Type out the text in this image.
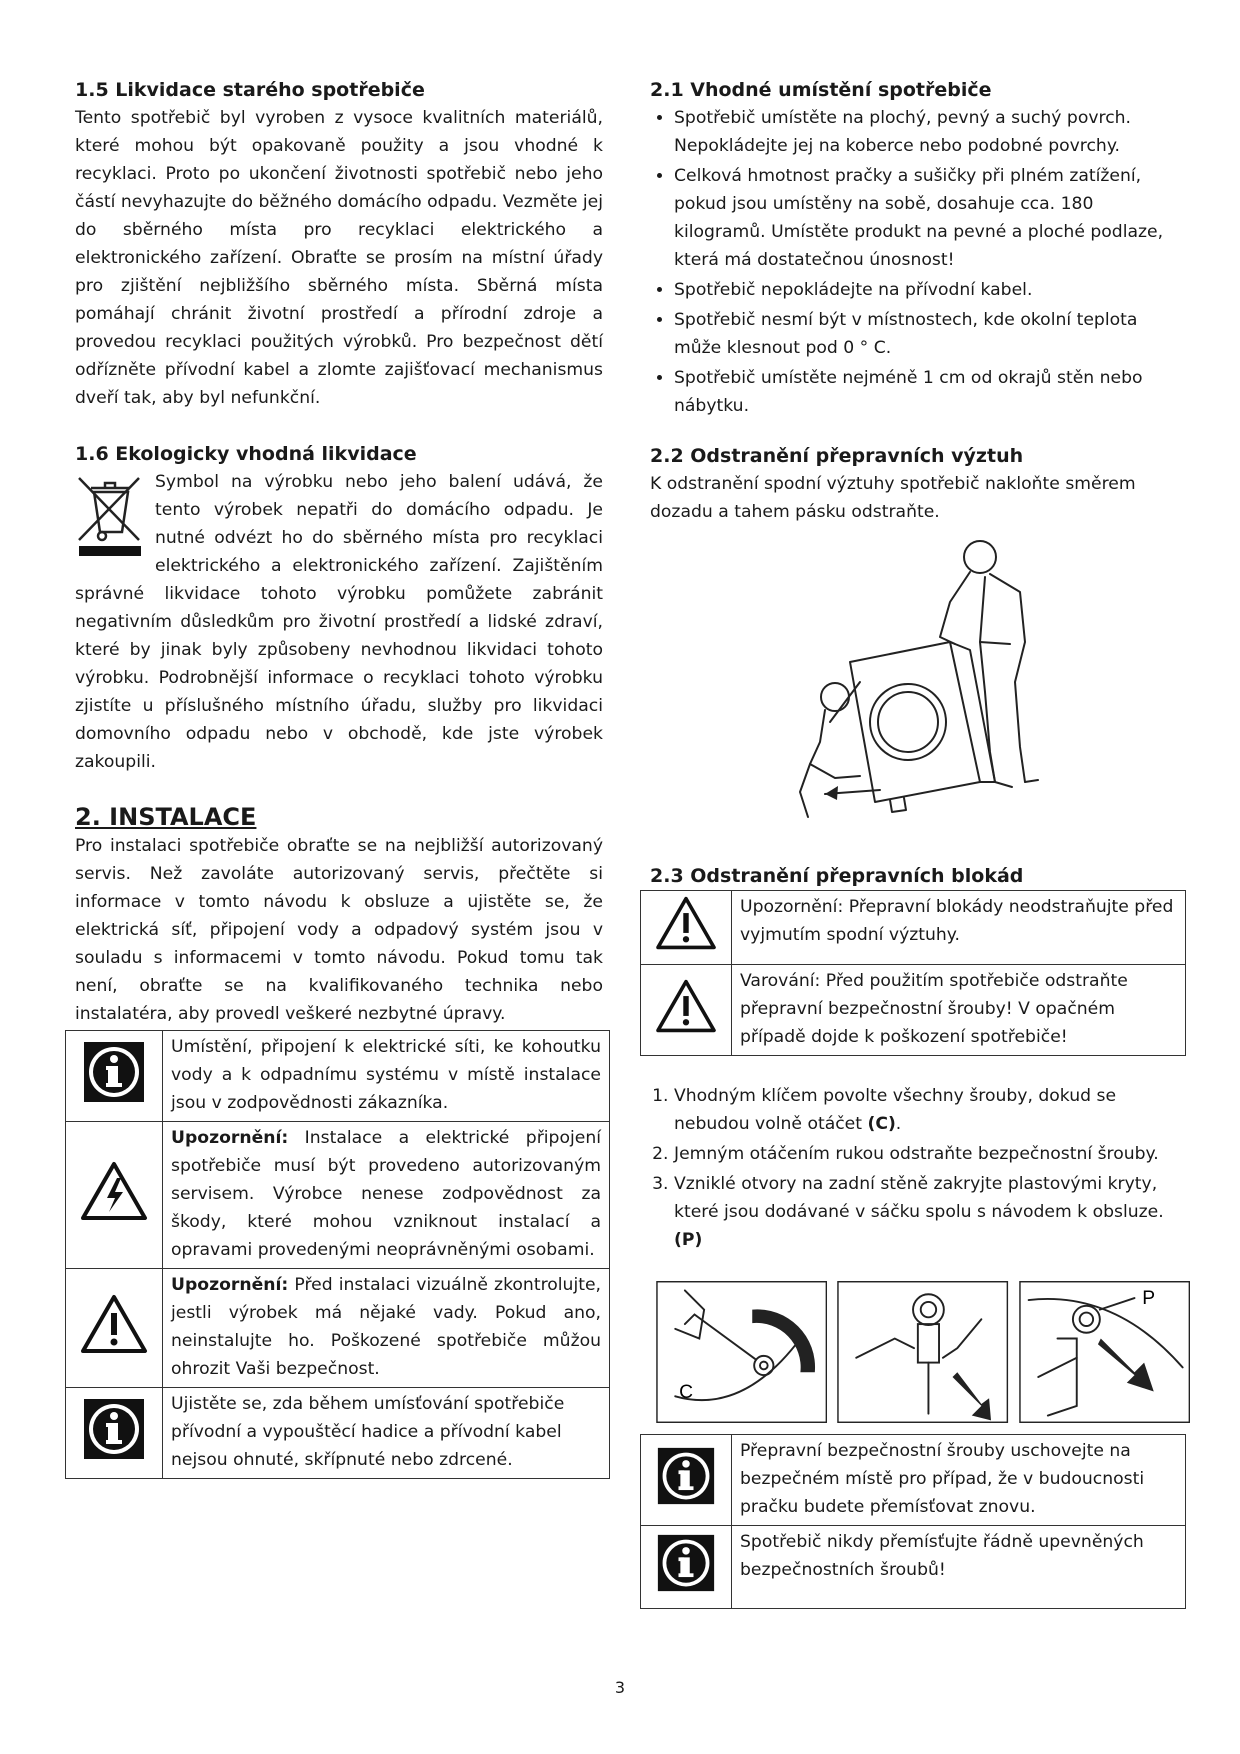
1.5 Likvidace starého spotřebiče

Tento spotřebič byl vyroben z vysoce kvalitních materiálů, které mohou být opakovaně použity a jsou vhodné k recyklaci. Proto po ukončení životnosti spotřebič nebo jeho částí nevyhazujte do běžného domácího odpadu. Vezměte jej do sběrného místa pro recyklaci elektrického a elektronického zařízení. Obraťte se prosím na místní úřady pro zjištění nejbližšího sběrného místa. Sběrná místa pomáhají chránit životní prostředí a přírodní zdroje a provedou recyklaci použitých výrobků. Pro bezpečnost dětí odřízněte přívodní kabel a zlomte zajišťovací mechanismus dveří tak, aby byl nefunkční.

1.6 Ekologicky vhodná likvidace

Symbol na výrobku nebo jeho balení udává, že tento výrobek nepatři do domácího odpadu. Je nutné odvézt ho do sběrného místa pro recyklaci elektrického a elektronického zařízení. Zajištěním správné likvidace tohoto výrobku pomůžete zabránit negativním důsledkům pro životní prostředí a lidské zdraví, které by jinak byly způsobeny nevhodnou likvidaci tohoto výrobku. Podrobnější informace o recyklaci tohoto výrobku zjistíte u příslušného místního úřadu, služby pro likvidaci domovního odpadu nebo v obchodě, kde jste výrobek zakoupili.

2. INSTALACE

Pro instalaci spotřebiče obraťte se na nejbližší autorizovaný servis. Než zavoláte autorizovaný servis, přečtěte si informace v tomto návodu k obsluze a ujistěte se, že elektrická síť, připojení vody a odpadový systém jsou v souladu s informacemi v tomto návodu. Pokud tomu tak není, obraťte se na kvalifikovaného technika nebo instalatéra, aby provedl veškeré nezbytné úpravy.

	Umístění, připojení k elektrické síti, ke kohoutku vody a k odpadnímu systému v místě instalace jsou v zodpovědnosti zákazníka.
	Upozornění: Instalace a elektrické připojení spotřebiče musí být provedeno autorizovaným servisem. Výrobce nenese zodpovědnost za škody, které mohou vzniknout instalací a opravami provedenými neoprávněnými osobami.
	Upozornění: Před instalaci vizuálně zkontrolujte, jestli výrobek má nějaké vady. Pokud ano, neinstalujte ho. Poškozené spotřebiče můžou ohrozit Vaši bezpečnost.
	Ujistěte se, zda během umísťování spotřebiče přívodní a vypouštěcí hadice a přívodní kabel nejsou ohnuté, skřípnuté nebo zdrcené.
2.1 Vhodné umístění spotřebiče
• Spotřebič umístěte na plochý, pevný a suchý povrch. Nepokládejte jej na koberce nebo podobné povrchy.
• Celková hmotnost pračky a sušičky při plném zatížení, pokud jsou umístěny na sobě, dosahuje cca. 180 kilogramů. Umístěte produkt na pevné a ploché podlaze, která má dostatečnou únosnost!
• Spotřebič nepokládejte na přívodní kabel.
• Spotřebič nesmí být v místnostech, kde okolní teplota může klesnout pod 0 ° C.
• Spotřebič umístěte nejméně 1 cm od okrajů stěn nebo nábytku.
2.2 Odstranění přepravních výztuh

K odstranění spodní výztuhy spotřebič nakloňte směrem dozadu a tahem pásku odstraňte.

2.3 Odstranění přepravních blokád
	Upozornění: Přepravní blokády neodstraňujte před vyjmutím spodní výztuhy.
	Varování: Před použitím spotřebiče odstraňte přepravní bezpečnostní šrouby! V opačném případě dojde k poškození spotřebiče!
1. Vhodným klíčem povolte všechny šrouby, dokud se nebudou volně otáčet (C).
2. Jemným otáčením rukou odstraňte bezpečnostní šrouby.
3. Vzniklé otvory na zadní stěně zakryjte plastovými kryty, které jsou dodávané v sáčku spolu s návodem k obsluze. (P)
C
P
	Přepravní bezpečnostní šrouby uschovejte na bezpečném místě pro případ, že v budoucnosti pračku budete přemísťovat znovu.
	Spotřebič nikdy přemísťujte řádně upevněných bezpečnostních šroubů!
3
